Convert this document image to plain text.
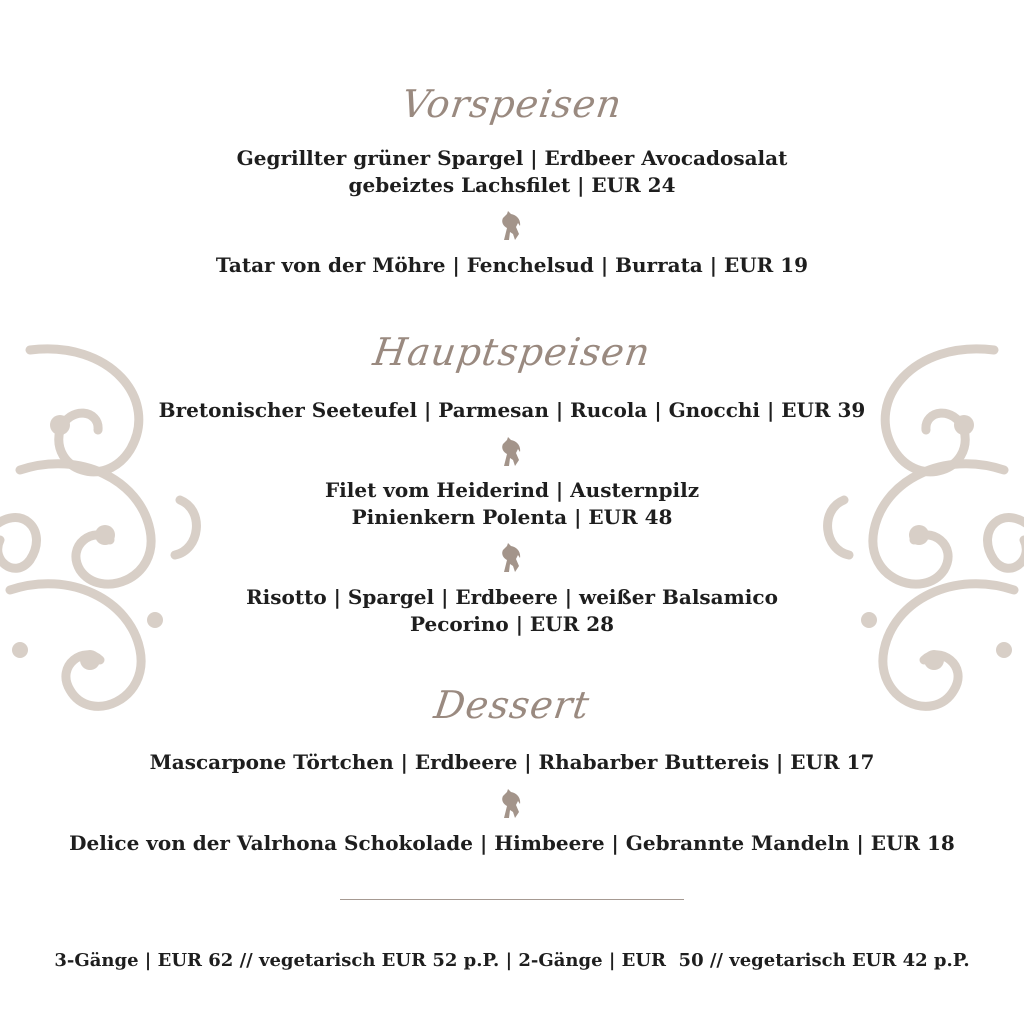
Vorspeisen
Gegrillter grüner Spargel | Erdbeer Avocadosalat
gebeiztes Lachsfilet | EUR 24
Tatar von der Möhre | Fenchelsud | Burrata | EUR 19
Hauptspeisen
Bretonischer Seeteufel | Parmesan | Rucola | Gnocchi | EUR 39
Filet vom Heiderind | Austernpilz
Pinienkern Polenta | EUR 48
Risotto | Spargel | Erdbeere | weißer Balsamico
Pecorino | EUR 28
Dessert
Mascarpone Törtchen | Erdbeere | Rhabarber Buttereis | EUR 17
Delice von der Valrhona Schokolade | Himbeere | Gebrannte Mandeln | EUR 18
3-Gänge | EUR 62 // vegetarisch EUR 52 p.P. | 2-Gänge | EUR  50 // vegetarisch EUR 42 p.P.
